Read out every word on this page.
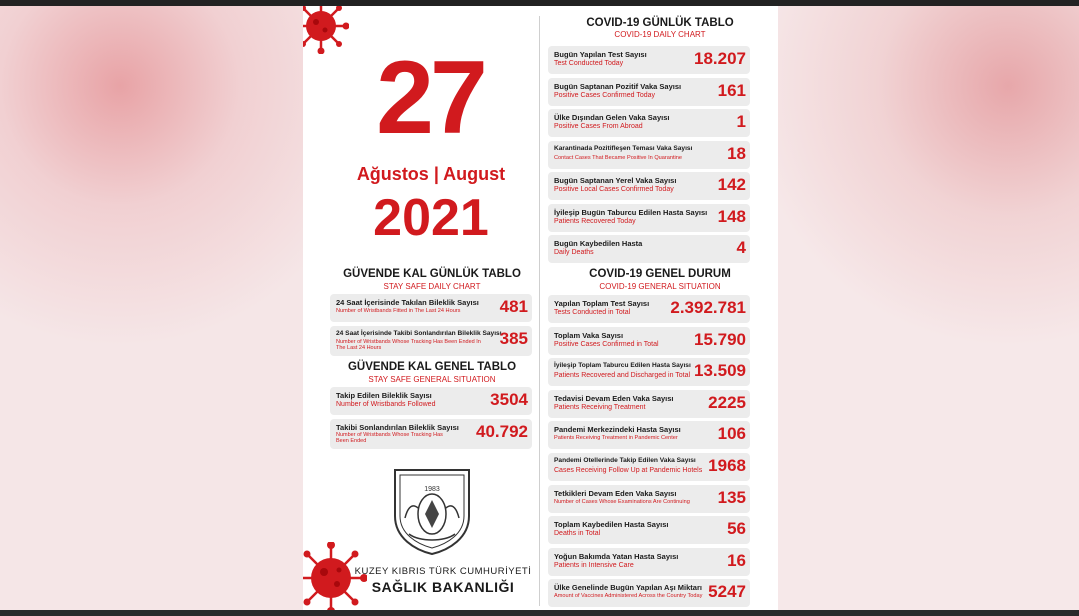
27
Ağustos | August
2021
GÜVENDE KAL GÜNLÜK TABLO
STAY SAFE DAILY CHART
24 Saat İçerisinde Takılan Bileklik Sayısı
Number of Wristbands Fitted in The Last 24 Hours 481
24 Saat İçerisinde Takibi Sonlandırılan Bileklik Sayısı
Number of Wristbands Whose Tracking Has Been Ended In The Last 24 Hours
385
GÜVENDE KAL GENEL TABLO
STAY SAFE GENERAL SITUATION
Takip Edilen Bileklik Sayısı
Number of Wristbands Followed	3504
Takibi Sonlandırılan Bileklik Sayısı
Number of Wristbands Whose Tracking Has Been Ended
40.792
1983
KUZEY KIBRIS TÜRK CUMHURİYETİ
SAĞLIK BAKANLIĞI
COVID-19 GÜNLÜK TABLO
COVID-19 DAILY CHART
Bugün Yapılan Test Sayısı
Test Conducted Today	18.207
Bugün Saptanan Pozitif Vaka Sayısı
Positive Cases Confirmed Today	161
Ülke Dışından Gelen Vaka Sayısı
Positive Cases From Abroad	1
Karantinada Pozitifleşen Teması Vaka Sayısı
Contact Cases That Became Positive In Quarantine	18
Bugün Saptanan Yerel Vaka Sayısı
Positive Local Cases Confirmed Today	142
İyileşip Bugün Taburcu Edilen Hasta Sayısı
Patients Recovered Today	148
Bugün Kaybedilen Hasta
Daily Deaths	4
COVID-19 GENEL DURUM
COVID-19 GENERAL SITUATION
Yapılan Toplam Test Sayısı
Tests Conducted in Total 2.392.781
Toplam Vaka Sayısı
Positive Cases Confirmed in Total 15.790
İyileşip Toplam Taburcu Edilen Hasta Sayısı
Patients Recovered and Discharged in Total 13.509
Tedavisi Devam Eden Vaka Sayısı
Patients Receiving Treatment	2225
Pandemi Merkezindeki Hasta Sayısı
Patients Receiving Treatment in Pandemic Center 106
Pandemi Otellerinde Takip Edilen Vaka Sayısı
Cases Receiving Follow Up at Pandemic Hotels 1968
Tetkikleri Devam Eden Vaka Sayısı
Number of Cases Whose Examinations Are Continuing 135
Toplam Kaybedilen Hasta Sayısı
Deaths in Total	56
Yoğun Bakımda Yatan Hasta Sayısı
Patients in Intensive Care	16
Ülke Genelinde Bugün Yapılan Aşı Miktarı
Amount of Vaccines Administered Across the Country Today 5247
